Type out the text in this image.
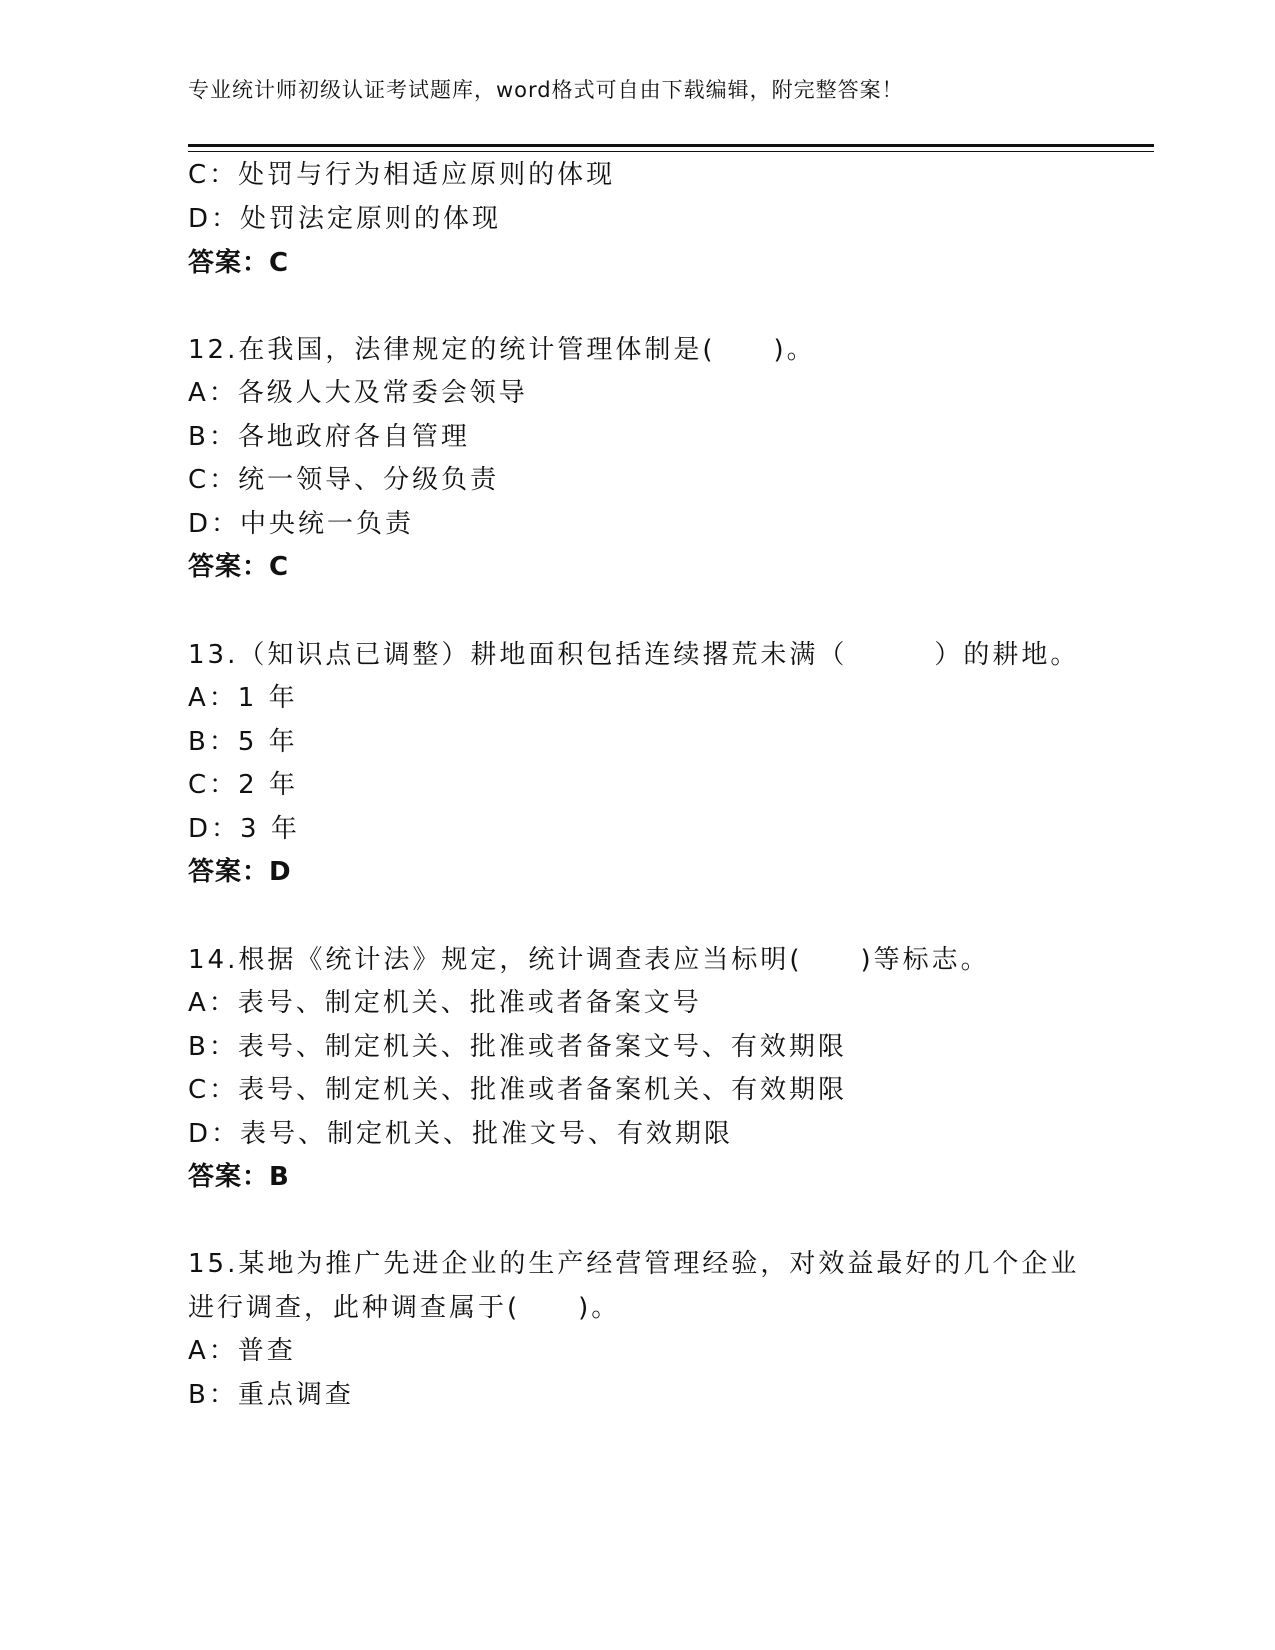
专业统计师初级认证考试题库，word格式可自由下载编辑，附完整答案！
C：处罚与行为相适应原则的体现
D：处罚法定原则的体现
答案：C
12.在我国，法律规定的统计管理体制是(　　)。
A：各级人大及常委会领导
B：各地政府各自管理
C：统一领导、分级负责
D：中央统一负责
答案：C
13.（知识点已调整）耕地面积包括连续撂荒未满（　　　）的耕地。
A：1 年
B：5 年
C：2 年
D：3 年
答案：D
14.根据《统计法》规定，统计调查表应当标明(　　)等标志。
A：表号、制定机关、批准或者备案文号
B：表号、制定机关、批准或者备案文号、有效期限
C：表号、制定机关、批准或者备案机关、有效期限
D：表号、制定机关、批准文号、有效期限
答案：B
15.某地为推广先进企业的生产经营管理经验，对效益最好的几个企业
进行调查，此种调查属于(　　)。
A：普查
B：重点调查
